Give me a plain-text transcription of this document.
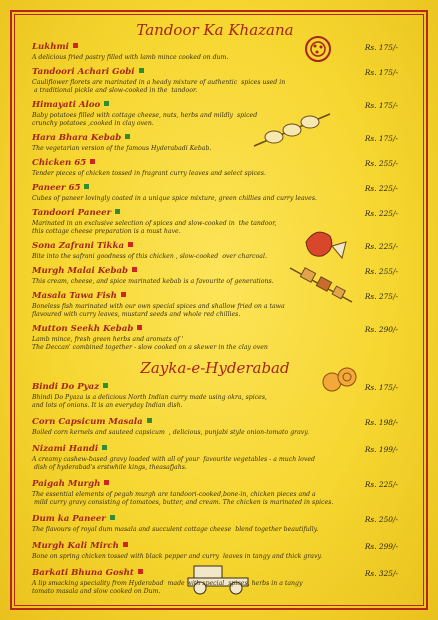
Tandoor Ka Khazana
Lukhmi	Rs. 175/-
A delicious fried pastry filled with lamb mince cooked on dum.
Tandoori Achari Gobi	Rs. 175/-
Cauliflower florets are marinated in a heady mixture of authentic  spices used in
a traditional pickle and slow-cooked in the  tandoor.
Himayati Aloo	Rs. 175/-
Baby potatoes filled with cottage cheese, nuts, herbs and mildly  spiced
crunchy potatoes ,cooked in clay oven.
Hara Bhara Kebab	Rs. 175/-
The vegetarian version of the famous Hyderabadi Kebab.
Chicken 65	Rs. 255/-
Tender pieces of chicken tossed in fragrant curry leaves and select spices.
Paneer 65	Rs. 225/-
Cubes of paneer lovingly coated in a unique spice mixture, green chillies and curry leaves.
Tandoori Paneer	Rs. 225/-
Marinated in an exclusive selection of spices and slow-cooked in  the tandoor,
this cottage cheese preparation is a must have.
Sona Zafrani Tikka	Rs. 225/-
Bite into the safrani goodness of this chicken , slow-cooked  over charcoal.
Murgh Malai Kebab	Rs. 255/-
This cream, cheese, and spice marinated kebab is a favourite of generations.
Masala Tawa Fish	Rs. 275/-
Boneless fish marinated with our own special spices and shallow fried on a tawa
flavoured with curry leaves, mustard seeds and whole red chillies.
Mutton Seekh Kebab	Rs. 290/-
Lamb mince, fresh green herbs and aromats of '
The Deccan' combined together - slow cooked on a skewer in the clay oven
Zayka-e-Hyderabad
Bindi Do Pyaz	Rs. 175/-
Bhindi Do Pyaza is a delicious North Indian curry made using okra, spices,
and lots of onions. It is an everyday Indian dish.
Corn Capsicum Masala	Rs. 198/-
Boiled corn kernels and sauteed capsicum  , delicious, punjabi style onion-tomato gravy.
Nizami Handi	Rs. 199/-
A creamy cashew-based gravy loaded with all of your  favourite vegetables - a much loved
dish of hyderabad's erstwhile kings, theasafjahs.
Paigah Murgh	Rs. 225/-
The essential elements of pegah murgh are tandoori-cooked,bone-in, chicken pieces and a
mild curry gravy consisting of tomatoes, butter, and cream. The chicken is marinated in spices.
Dum ka Paneer	Rs. 250/-
The flavours of royal dum masala and succulent cottage cheese  blend together beautifully.
Murgh Kali Mirch	Rs. 299/-
Bone on spring chicken tossed with black pepper and curry  leaves in tangy and thick gravy.
Barkati Bhuna Gosht	Rs. 325/-
A lip smacking speciality from Hyderabad  made with special  spices, herbs in a tangy
tomato masala and slow cooked on Dum.
